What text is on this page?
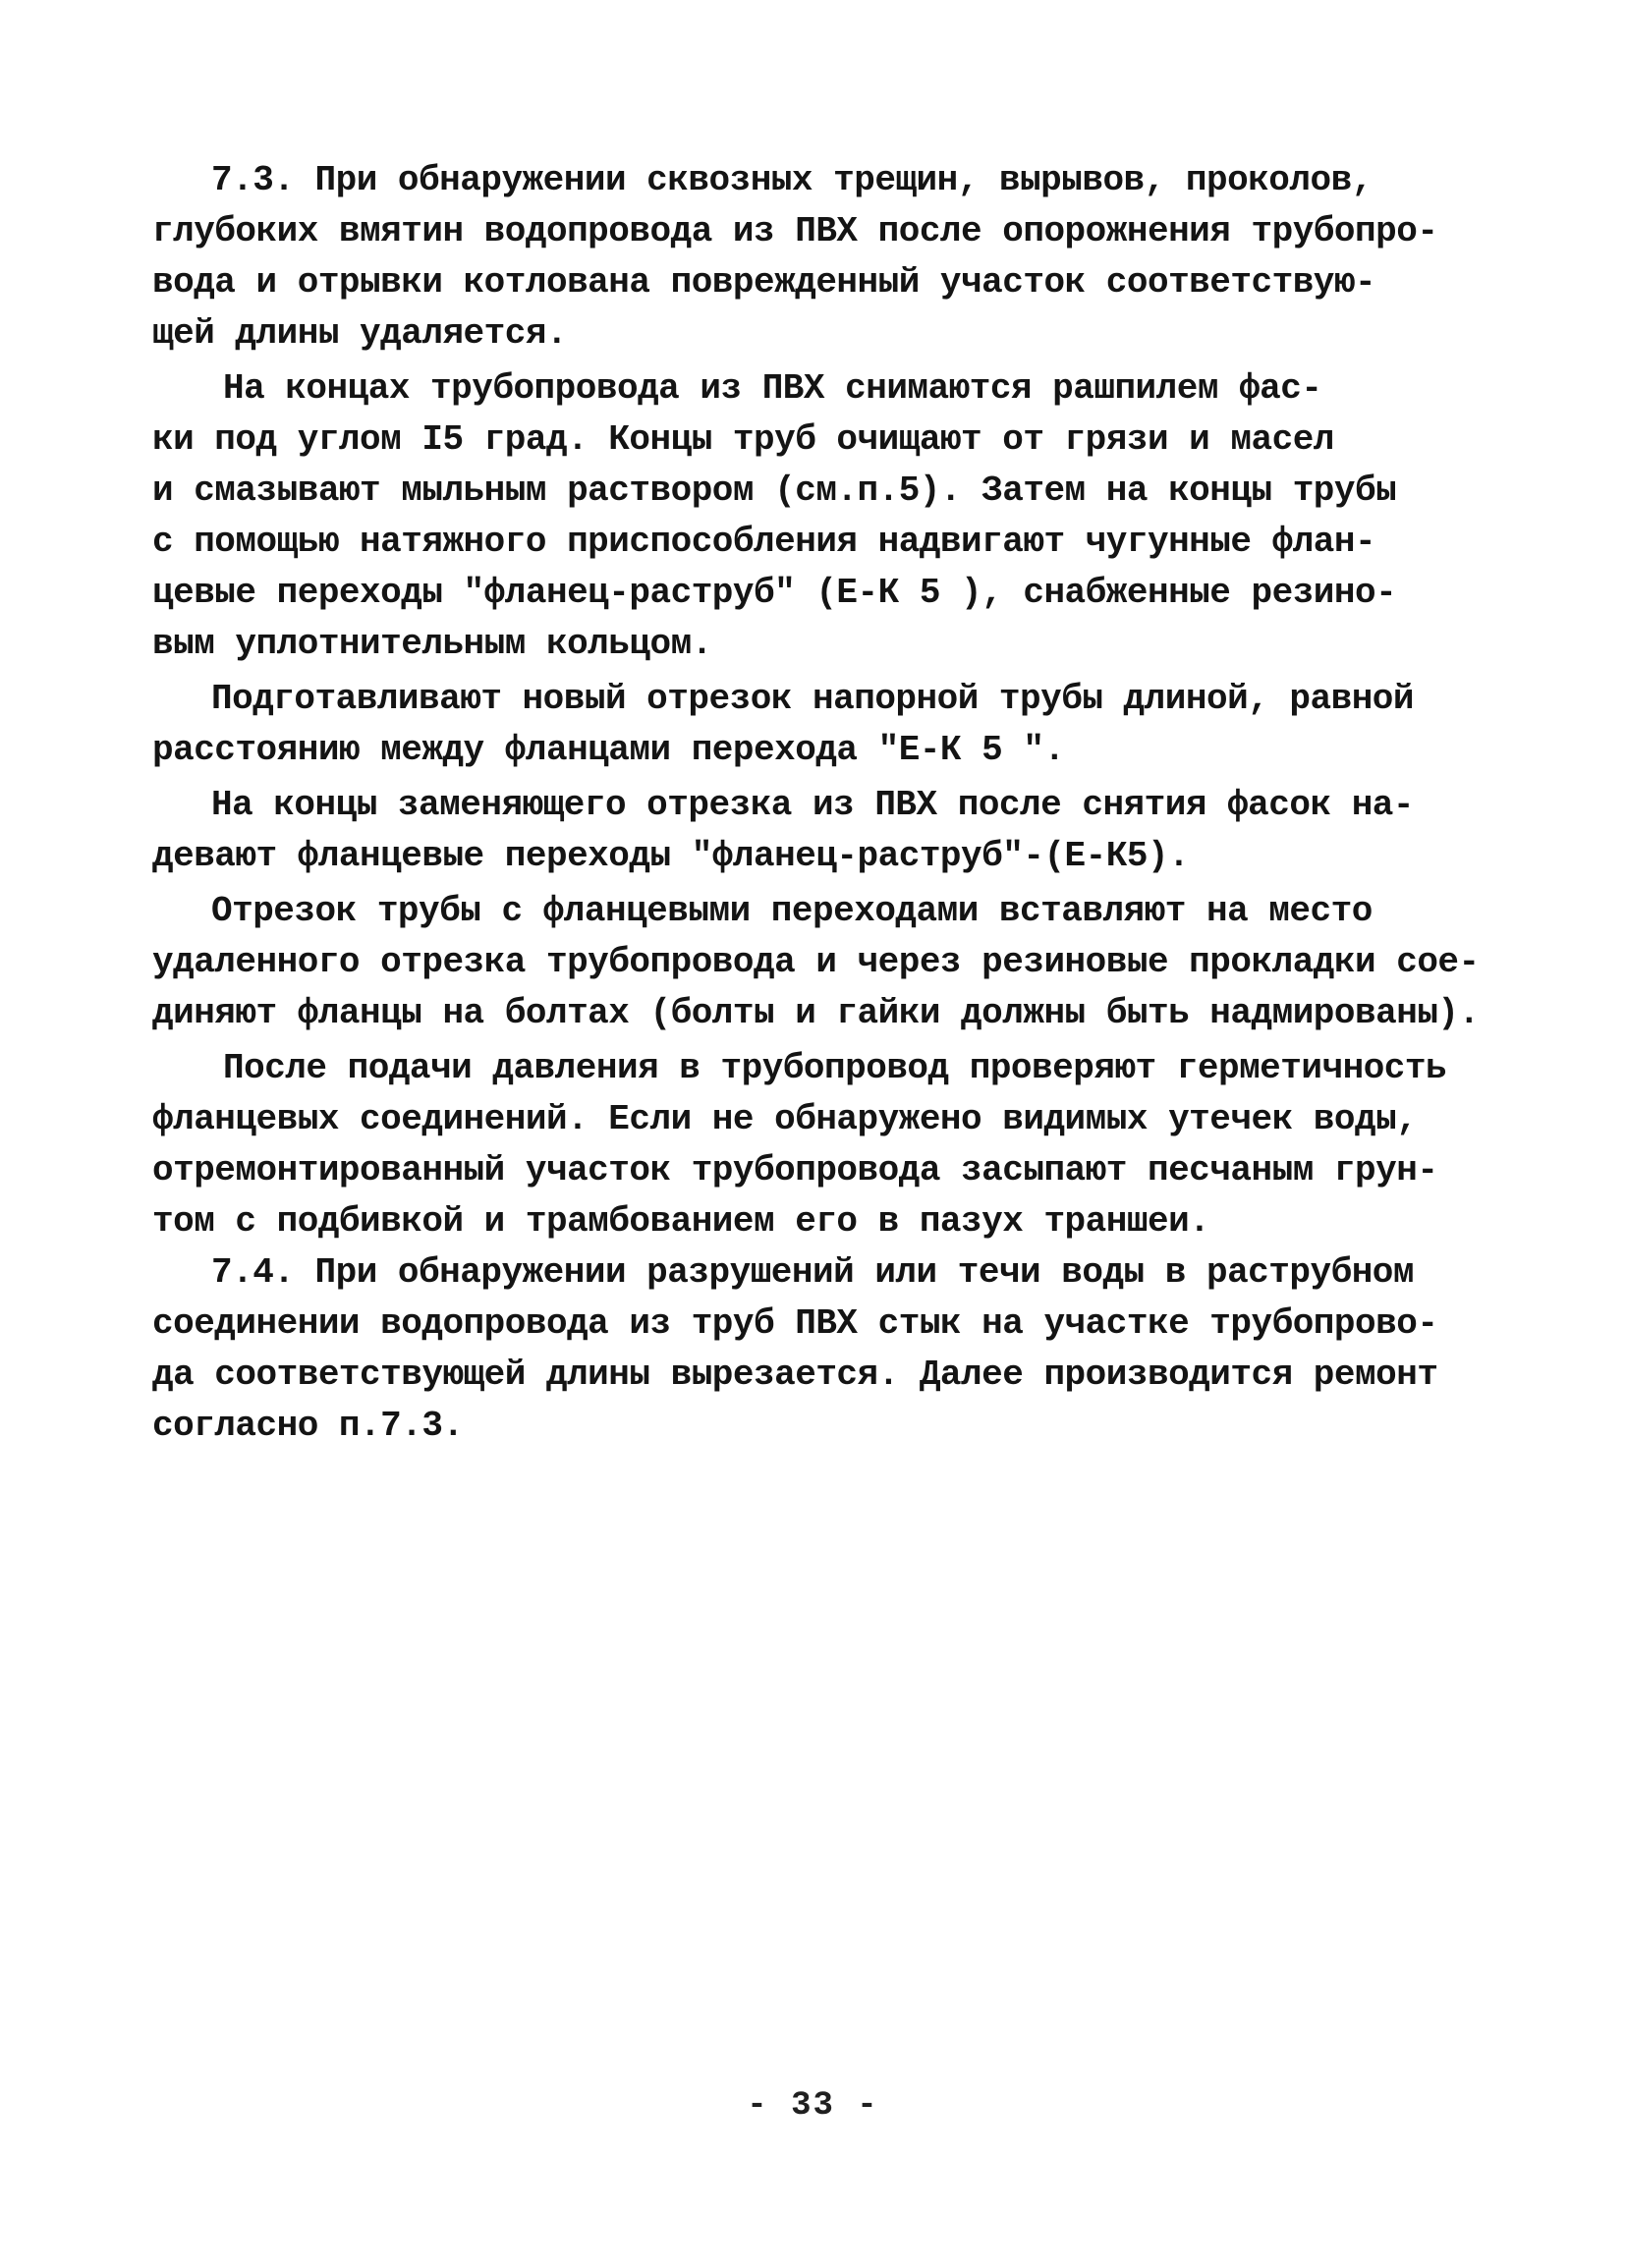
7.3. При обнаружении сквозных трещин, вырывов, проколов,
глубоких вмятин водопровода из ПВХ после опорожнения трубопро-
вода и отрывки котлована поврежденный участок соответствую-
щей длины удаляется.
На концах трубопровода из ПВХ снимаются рашпилем фас-
ки под углом I5 град. Концы труб очищают от грязи и масел
и смазывают мыльным раствором (см.п.5). Затем на концы трубы
с помощью натяжного приспособления надвигают чугунные флан-
цевые переходы "фланец-раструб" (Е-К 5 ), снабженные резино-
вым уплотнительным кольцом.
Подготавливают новый отрезок напорной трубы длиной, равной
расстоянию между фланцами перехода "Е-К 5 ".
На концы заменяющего отрезка из ПВХ после снятия фасок на-
девают фланцевые переходы "фланец-раструб"-(Е-К5).
Отрезок трубы с фланцевыми переходами вставляют на место
удаленного отрезка трубопровода и через резиновые прокладки сое-
диняют фланцы на болтах (болты и гайки должны быть надмированы).
После подачи давления в трубопровод проверяют герметичность
фланцевых соединений. Если не обнаружено видимых утечек воды,
отремонтированный участок трубопровода засыпают песчаным грун-
том с подбивкой и трамбованием его в пазух траншеи.
7.4. При обнаружении разрушений или течи воды в раструбном
соединении водопровода из труб ПВХ стык на участке трубопрово-
да соответствующей длины вырезается. Далее производится ремонт
согласно п.7.3.
- 33 -
